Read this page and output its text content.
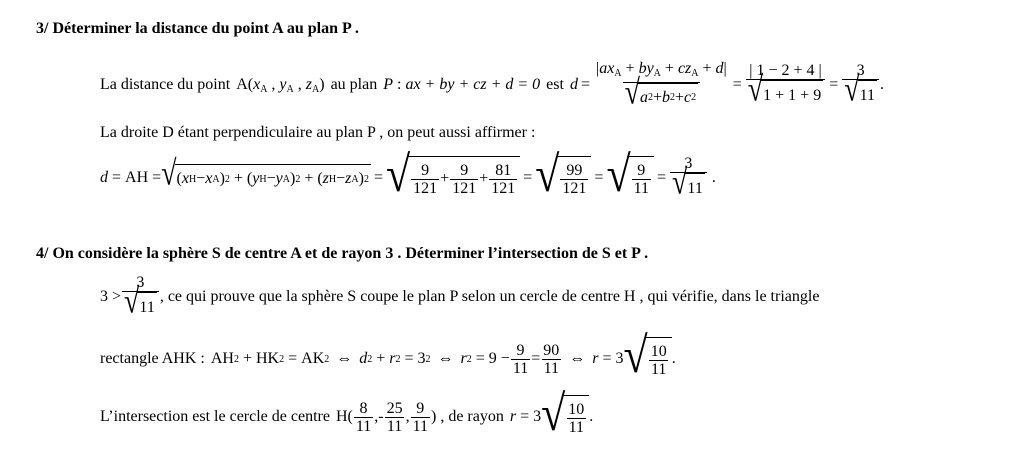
3/ Déterminer la distance du point A au plan P .
La distance du point $A(x_A$ , $y_A$ , $z_A$) au plan P : ax + by + cz + d = 0 est $d = \frac{|ax_A + by_A + cz_A + d|}{√ a 2 + b 2 + c 2} = \frac{| 1 - 2 + 4 |}{√ 1 + 1 + 9} = \frac{3}{√ 11}$ .
La droite D étant perpendiculaire au plan P , on peut aussi affirmer :
d = AH = √ ( x H − x A ) 2 + ( y H − y A ) 2 + ( z H − z A ) 2 = √ $\frac{9}{121} + \frac{9}{121} + \frac{81}{121}$ = √ $\frac{99}{121}$ = √ $\frac{9}{11} = \frac{3}{√ 11}$ .
4/ On considère la sphère S de centre A et de rayon 3 . Déterminer l’intersection de S et P .
$3 > \frac{3}{√ 11}$ , ce qui prouve que la sphère S coupe le plan P selon un cercle de centre H , qui vérifie, dans le triangle
rectangle AHK : AH 2 + HK 2 = AK 2 ⇔ d 2 + r 2 = 3 2 ⇔ r 2
= $9 - \frac{9}{11} = \frac{90}{11}$ ⇔ r
= 3 √ $\frac{10}{11}$ .
L’intersection est le cercle de centre $H( \frac{8}{11}$ , - $\frac{25}{11}$ , $\frac{9}{11}$ ) , de rayon r
= 3 √ $\frac{10}{11}$ .
